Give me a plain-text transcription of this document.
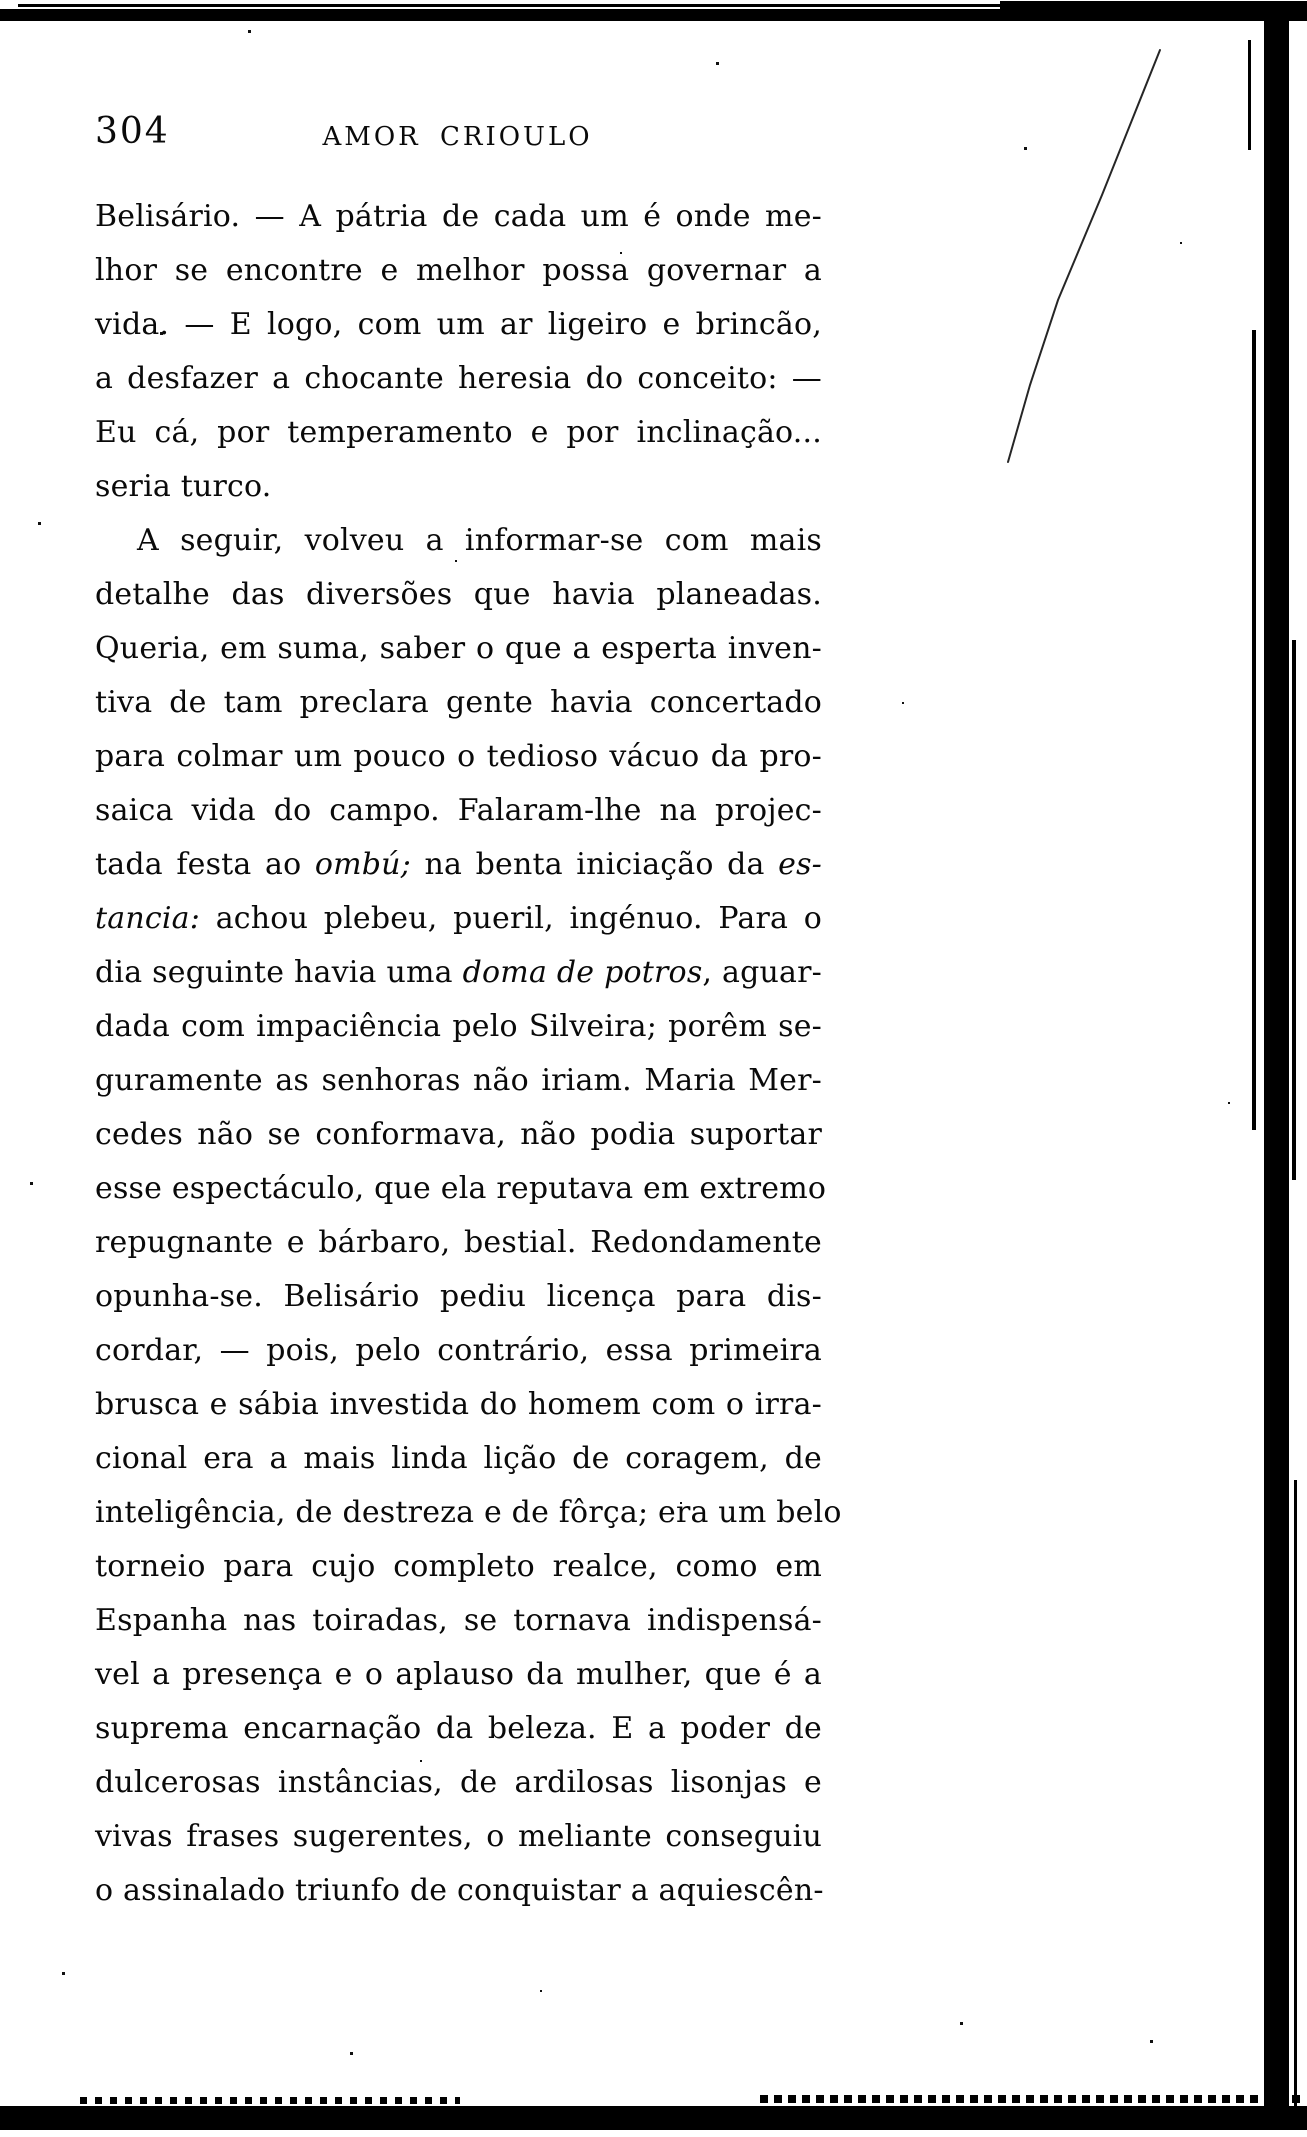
304	AMOR CRIOULO
Belisário. — A pátria de cada um é onde me-
lhor se encontre e melhor possa governar a
vida. — E logo, com um ar ligeiro e brincão,
a desfazer a chocante heresia do conceito: —
Eu cá, por temperamento e por inclinação...
seria turco.
A seguir, volveu a informar-se com mais
detalhe das diversões que havia planeadas.
Queria, em suma, saber o que a esperta inven-
tiva de tam preclara gente havia concertado
para colmar um pouco o tedioso vácuo da pro-
saica vida do campo. Falaram-lhe na projec-
tada festa ao ombú; na benta iniciação da es-
tancia: achou plebeu, pueril, ingénuo. Para o
dia seguinte havia uma doma de potros, aguar-
dada com impaciência pelo Silveira; porêm se-
guramente as senhoras não iriam. Maria Mer-
cedes não se conformava, não podia suportar
esse espectáculo, que ela reputava em extremo
repugnante e bárbaro, bestial. Redondamente
opunha-se. Belisário pediu licença para dis-
cordar, — pois, pelo contrário, essa primeira
brusca e sábia investida do homem com o irra-
cional era a mais linda lição de coragem, de
inteligência, de destreza e de fôrça; era um belo
torneio para cujo completo realce, como em
Espanha nas toiradas, se tornava indispensá-
vel a presença e o aplauso da mulher, que é a
suprema encarnação da beleza. E a poder de
dulcerosas instâncias, de ardilosas lisonjas e
vivas frases sugerentes, o meliante conseguiu
o assinalado triunfo de conquistar a aquiescên-
